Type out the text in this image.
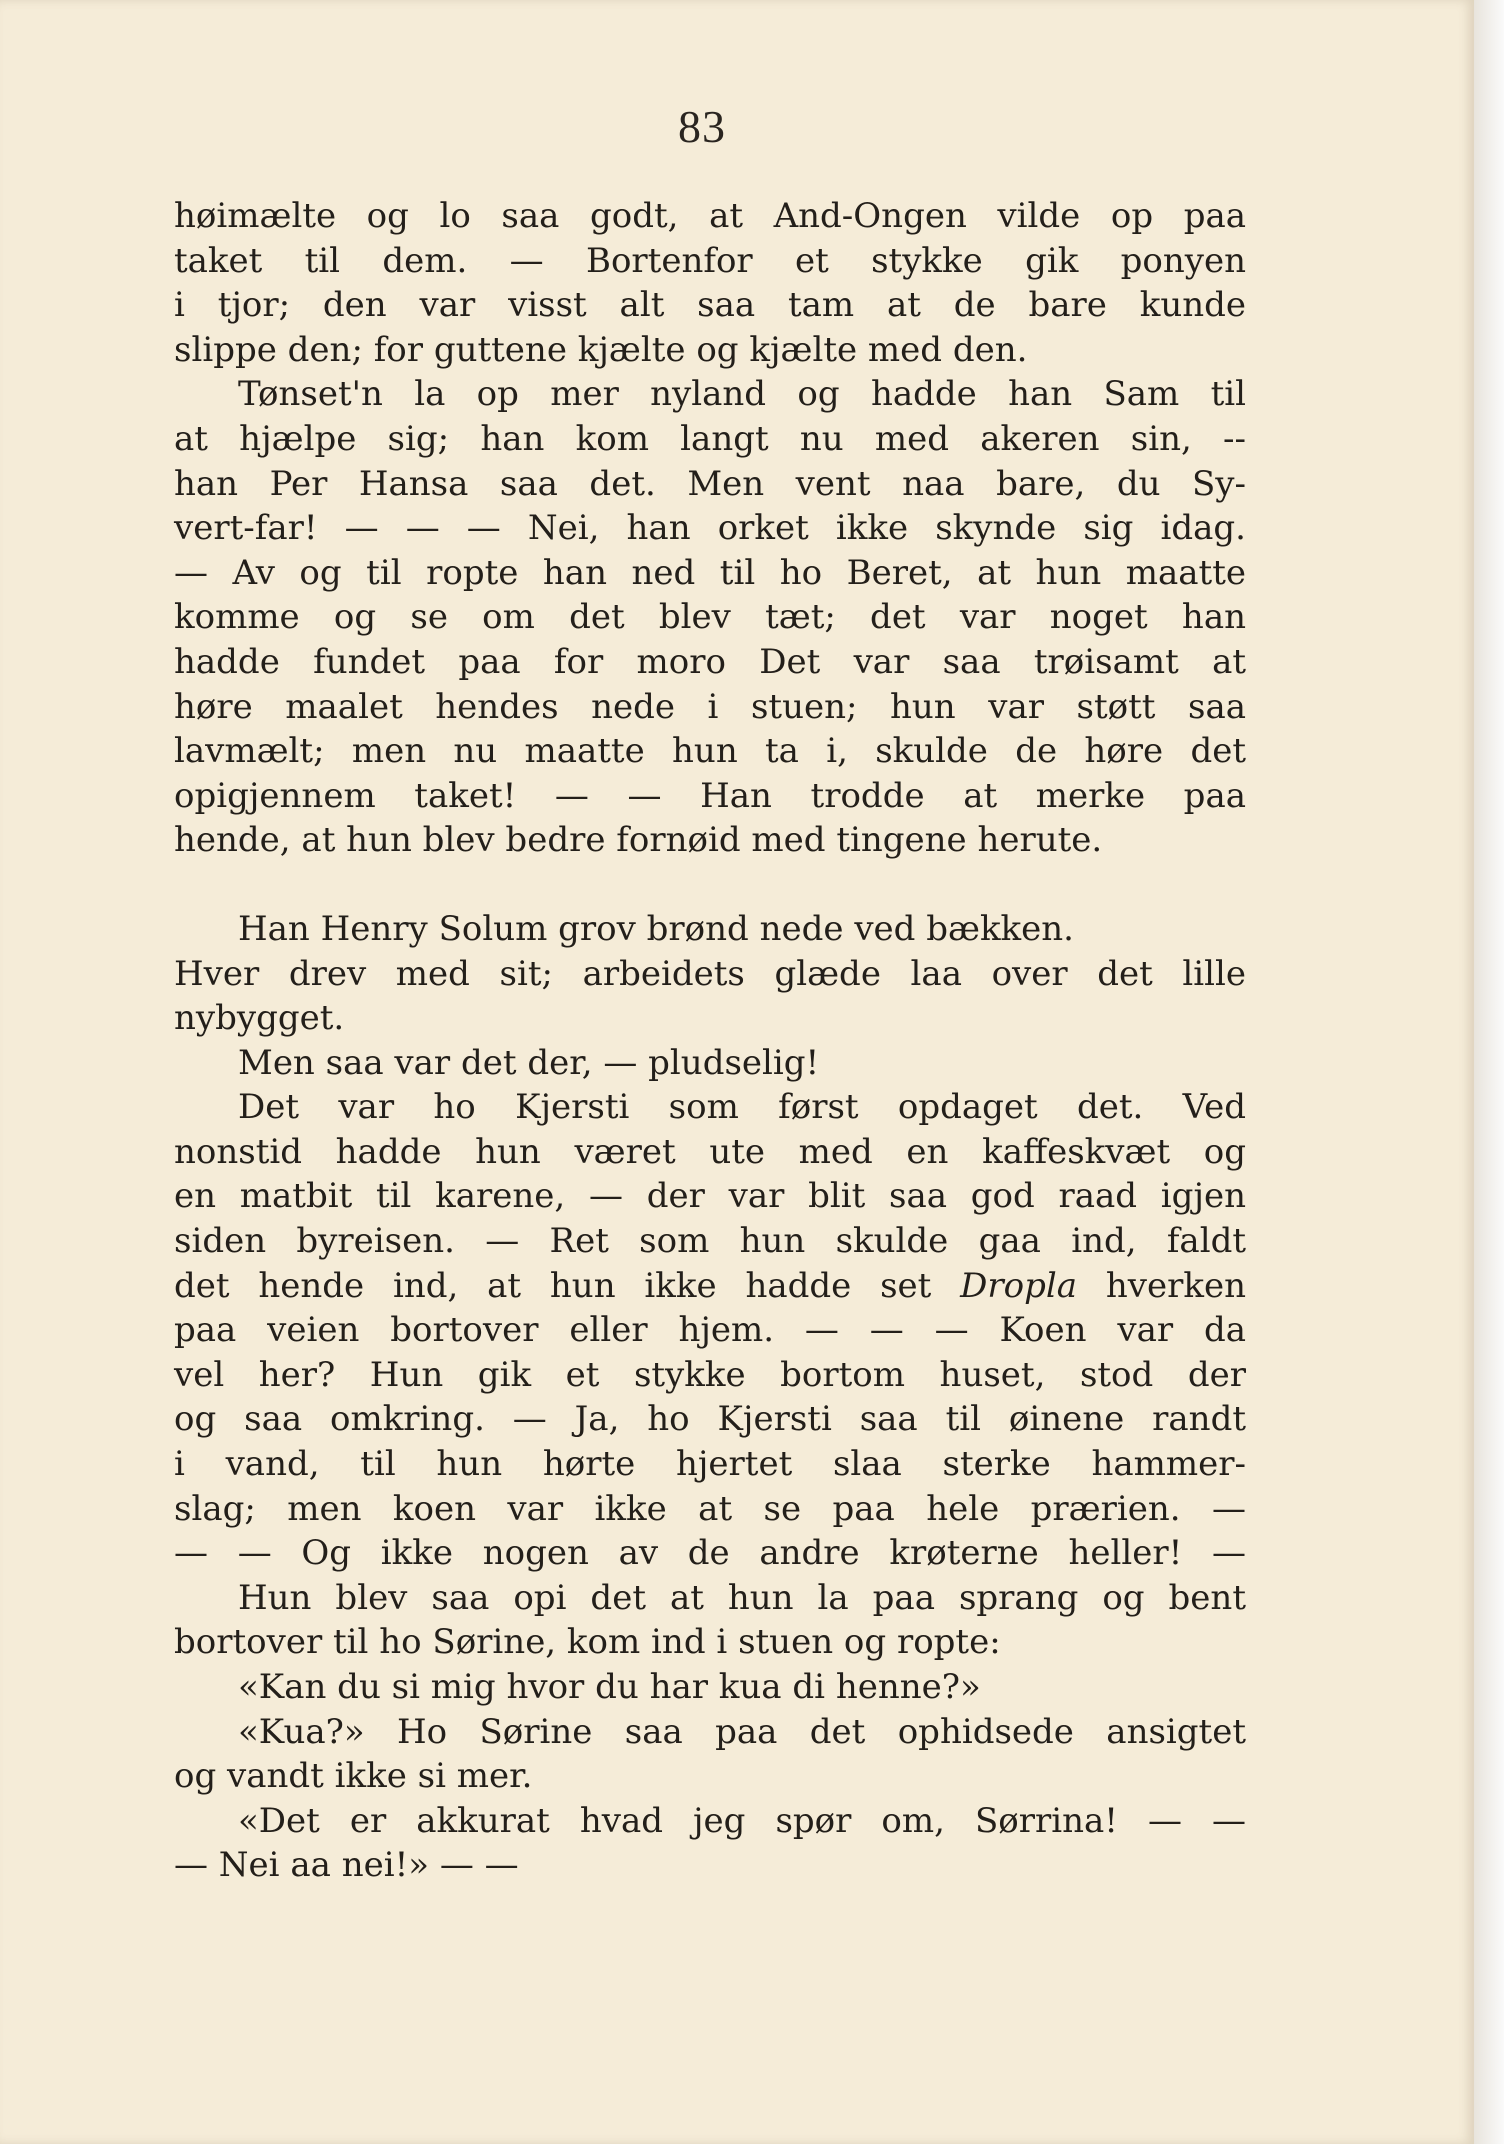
83
høimælte og lo saa godt, at And-Ongen vilde op paa
taket til dem. — Bortenfor et stykke gik ponyen
i tjor; den var visst alt saa tam at de bare kunde
slippe den; for guttene kjælte og kjælte med den.
Tønset'n la op mer nyland og hadde han Sam til
at hjælpe sig; han kom langt nu med akeren sin, --
han Per Hansa saa det. Men vent naa bare, du Sy-
vert-far! — — — Nei, han orket ikke skynde sig idag.
— Av og til ropte han ned til ho Beret, at hun maatte
komme og se om det blev tæt; det var noget han
hadde fundet paa for moro Det var saa trøisamt at
høre maalet hendes nede i stuen; hun var støtt saa
lavmælt; men nu maatte hun ta i, skulde de høre det
opigjennem taket! — — Han trodde at merke paa
hende, at hun blev bedre fornøid med tingene herute.
Han Henry Solum grov brønd nede ved bækken.
Hver drev med sit; arbeidets glæde laa over det lille
nybygget.
Men saa var det der, — pludselig!
Det var ho Kjersti som først opdaget det. Ved
nonstid hadde hun været ute med en kaffeskvæt og
en matbit til karene, — der var blit saa god raad igjen
siden byreisen. — Ret som hun skulde gaa ind, faldt
det hende ind, at hun ikke hadde set Dropla hverken
paa veien bortover eller hjem. — — — Koen var da
vel her? Hun gik et stykke bortom huset, stod der
og saa omkring. — Ja, ho Kjersti saa til øinene randt
i vand, til hun hørte hjertet slaa sterke hammer-
slag; men koen var ikke at se paa hele prærien. —
— — Og ikke nogen av de andre krøterne heller! —
Hun blev saa opi det at hun la paa sprang og bent
bortover til ho Sørine, kom ind i stuen og ropte:
«Kan du si mig hvor du har kua di henne?»
«Kua?» Ho Sørine saa paa det ophidsede ansigtet
og vandt ikke si mer.
«Det er akkurat hvad jeg spør om, Sørrina! — —
— Nei aa nei!» — —
